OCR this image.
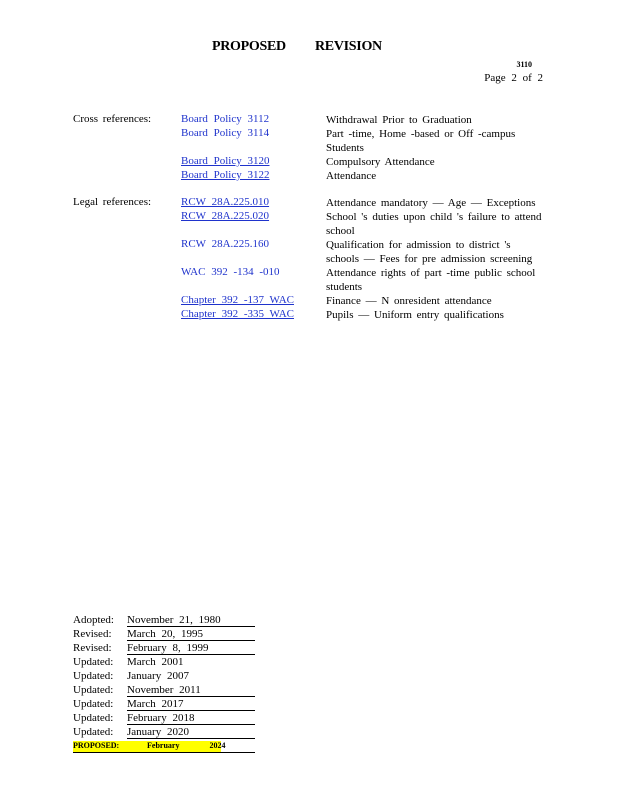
PROPOSED REVISION
3110
Page 2 of 2
Cross references:	Board Policy 3112	Withdrawal Prior to Graduation
Board Policy 3114	Part -time, Home -based or Off -campus Students
Board Policy 3120	Compulsory Attendance
Board Policy 3122	Attendance
Legal references:	RCW 28A.225.010	Attendance mandatory — Age — Exceptions
RCW 28A.225.020	School 's duties upon child 's failure to attend school
RCW 28A.225.160	Qualification for admission to district 's schools — Fees for pre admission screening
WAC 392 -134 -010	Attendance rights of part -time public school students
Chapter 392 -137 WAC	Finance — N onresident attendance
Chapter 392 -335 WAC	Pupils — Uniform entry qualifications
Adopted: November 21, 1980
Revised: March 20, 1995
Revised: February 8, 1999
Updated: March 2001
Updated: January 2007
Updated: November 2011
Updated: March 2017
Updated: February 2018
Updated: January 2020
PROPOSED:	February 2024
